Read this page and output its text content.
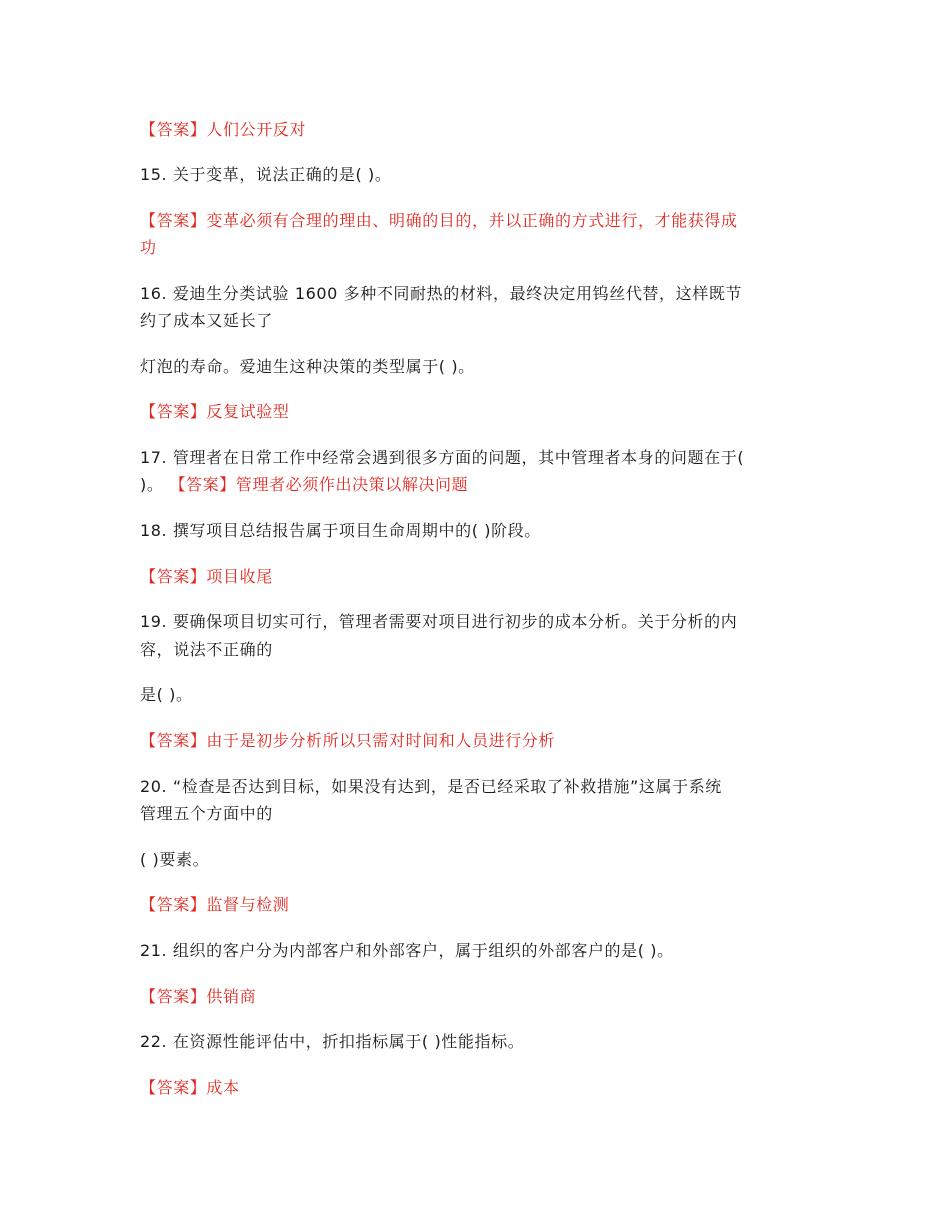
【答案】人们公开反对

15. 关于变革，说法正确的是( )。

【答案】变革必须有合理的理由、明确的目的，并以正确的方式进行，才能获得成

功

16. 爱迪生分类试验 1600 多种不同耐热的材料，最终决定用钨丝代替，这样既节

约了成本又延长了

灯泡的寿命。爱迪生这种决策的类型属于( )。

【答案】反复试验型

17. 管理者在日常工作中经常会遇到很多方面的问题，其中管理者本身的问题在于(

)。 【答案】管理者必须作出决策以解决问题

18. 撰写项目总结报告属于项目生命周期中的( )阶段。

【答案】项目收尾

19. 要确保项目切实可行，管理者需要对项目进行初步的成本分析。关于分析的内

容，说法不正确的

是( )。

【答案】由于是初步分析所以只需对时间和人员进行分析

20. “检查是否达到目标，如果没有达到，是否已经采取了补救措施”这属于系统

管理五个方面中的

( )要素。

【答案】监督与检测

21. 组织的客户分为内部客户和外部客户，属于组织的外部客户的是( )。

【答案】供销商

22. 在资源性能评估中，折扣指标属于( )性能指标。

【答案】成本
